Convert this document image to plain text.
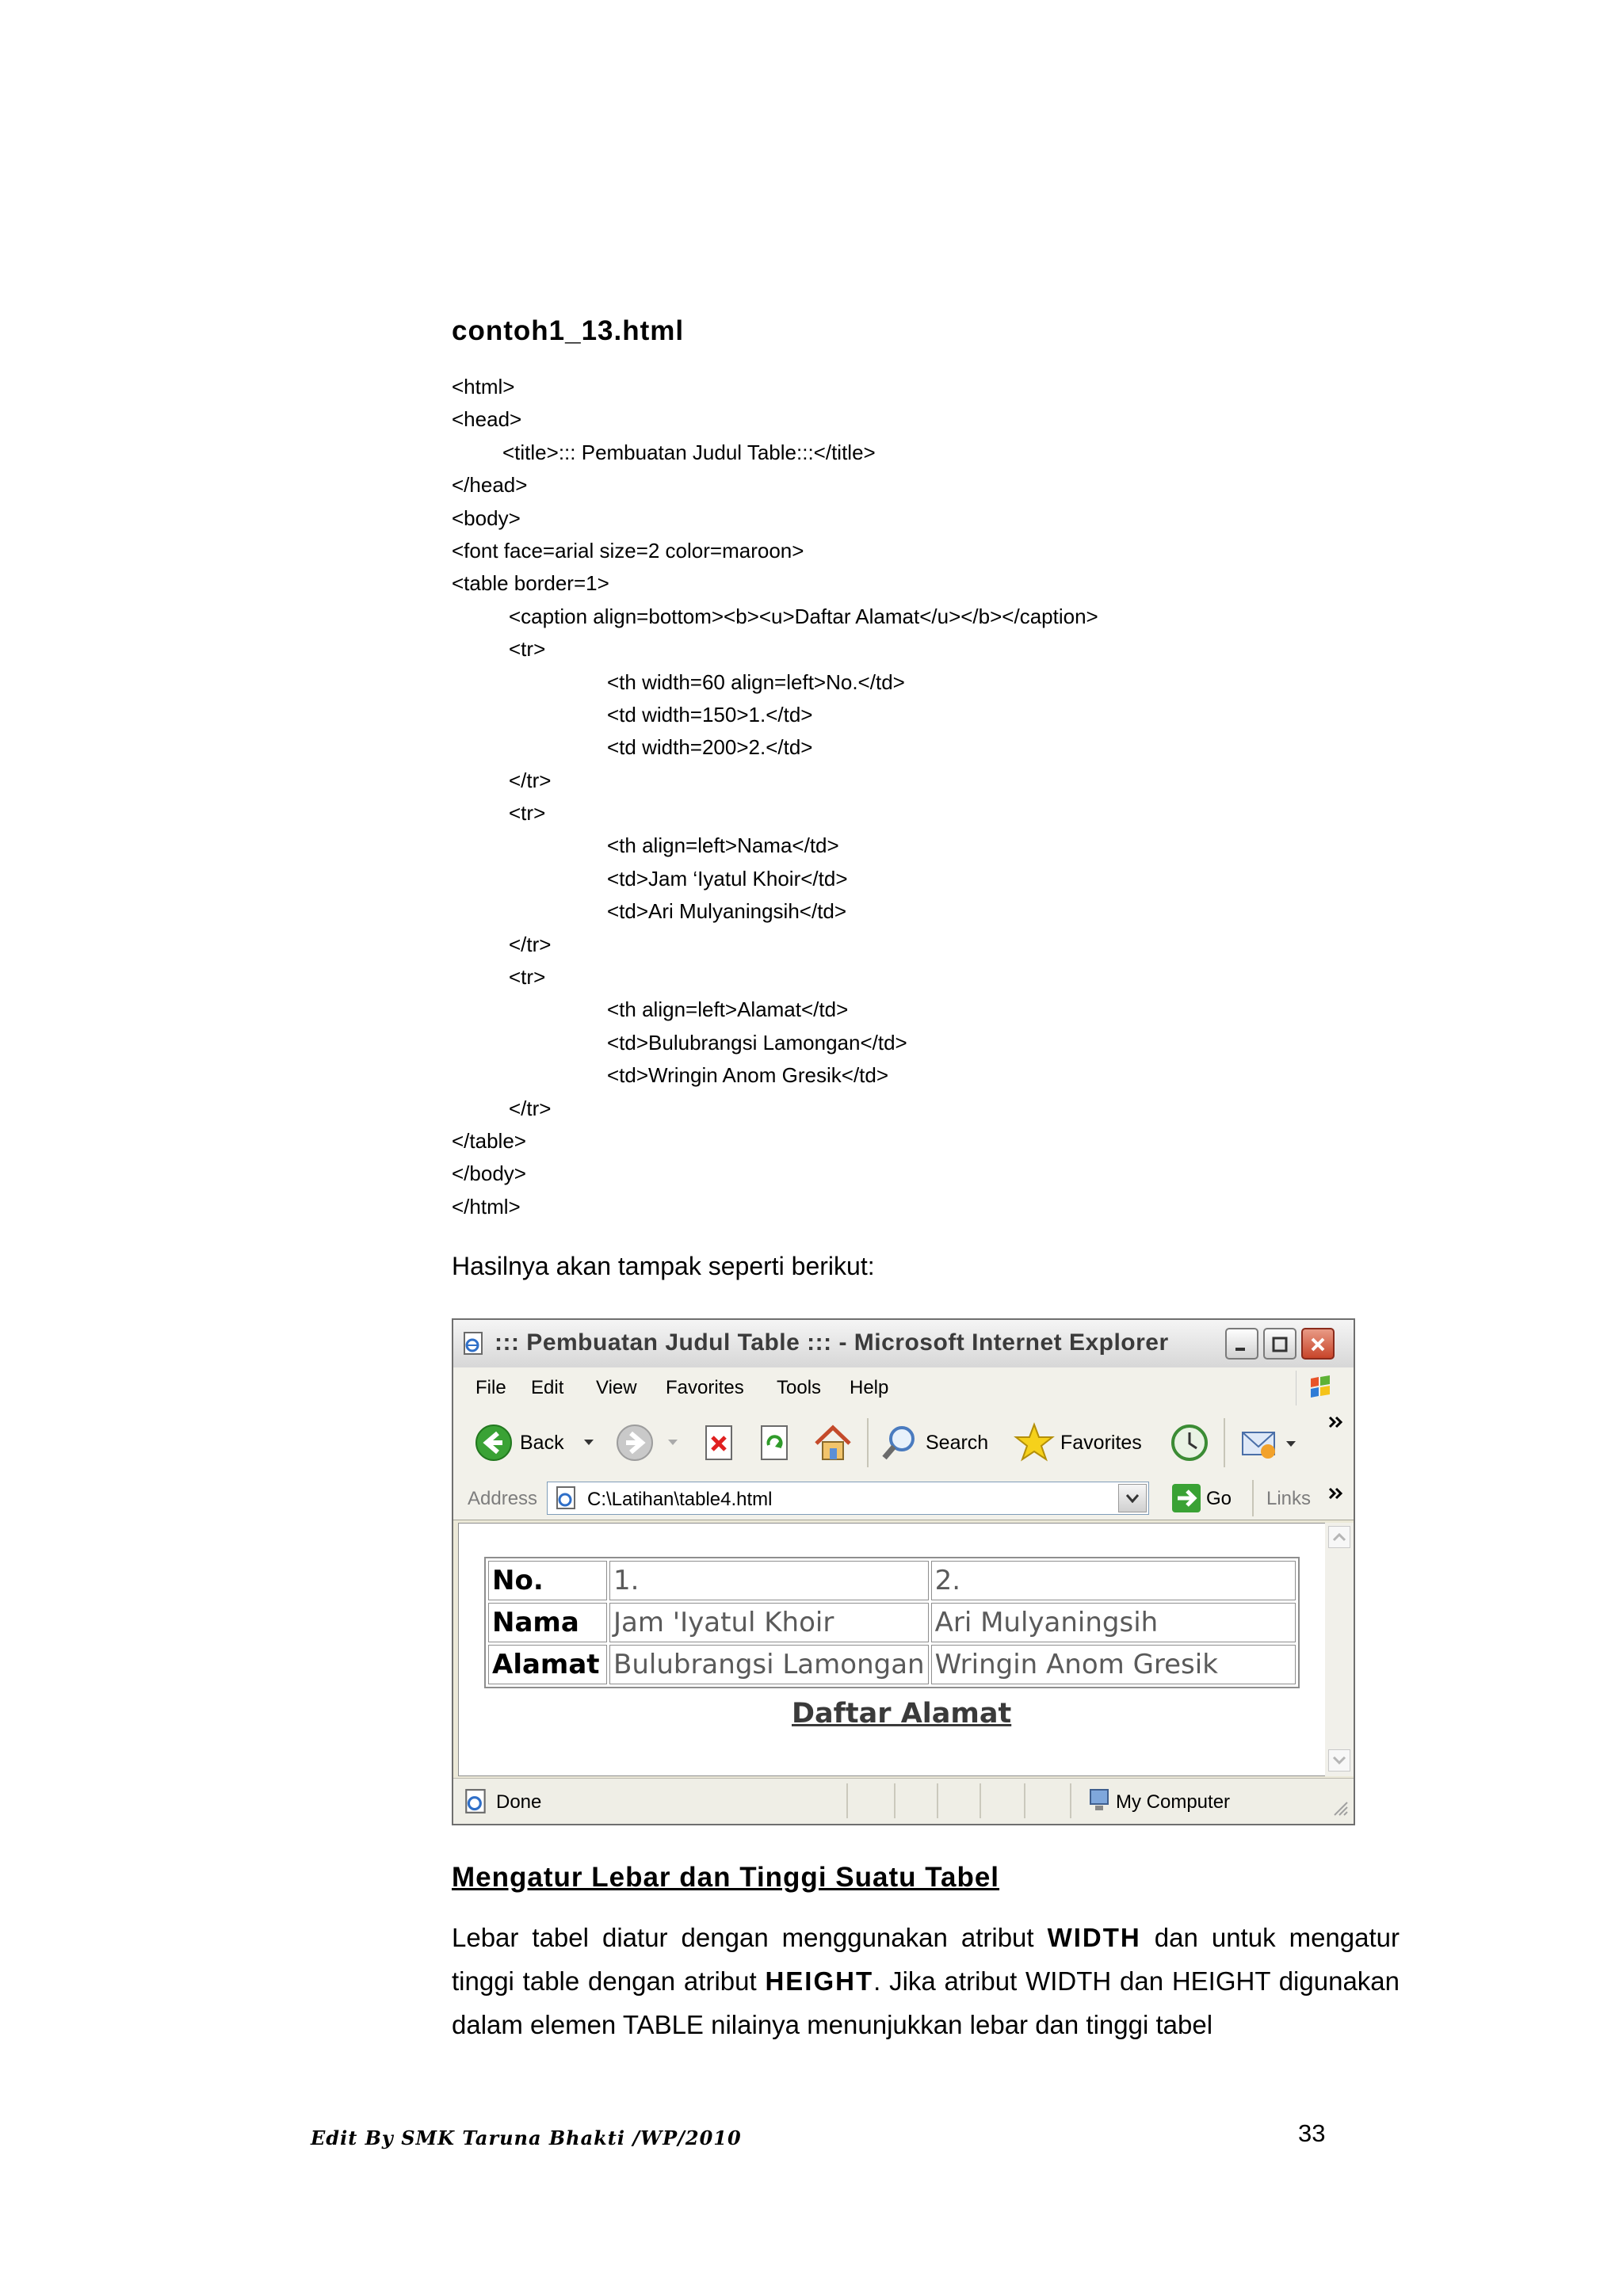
contoh1_13.html
<html>
<head>
<title>::: Pembuatan Judul Table:::</title>
</head>
<body>
<font face=arial size=2 color=maroon>
<table border=1>
<caption align=bottom><b><u>Daftar Alamat</u></b></caption>
<tr>
<th width=60 align=left>No.</td>
<td width=150>1.</td>
<td width=200>2.</td>
</tr>
<tr>
<th align=left>Nama</td>
<td>Jam ‘Iyatul Khoir</td>
<td>Ari Mulyaningsih</td>
</tr>
<tr>
<th align=left>Alamat</td>
<td>Bulubrangsi Lamongan</td>
<td>Wringin Anom Gresik</td>
</tr>
</table>
</body>
</html>
Hasilnya akan tampak seperti berikut:
::: Pembuatan Judul Table ::: - Microsoft Internet Explorer
File Edit View Favorites Tools Help
Back	Search	Favorites
Address	C:\Latihan\table4.html	Go Links
No.	1.	2.
Nama	Jam 'Iyatul Khoir	Ari Mulyaningsih
Alamat	Bulubrangsi Lamongan	Wringin Anom Gresik
Daftar Alamat
Done	My Computer
Mengatur Lebar dan Tinggi Suatu Tabel
Lebar tabel diatur dengan menggunakan atribut WIDTH dan untuk mengatur tinggi table dengan atribut HEIGHT. Jika atribut WIDTH dan HEIGHT digunakan dalam elemen TABLE nilainya menunjukkan lebar dan tinggi tabel
Edit By SMK Taruna Bhakti /WP/2010	33
